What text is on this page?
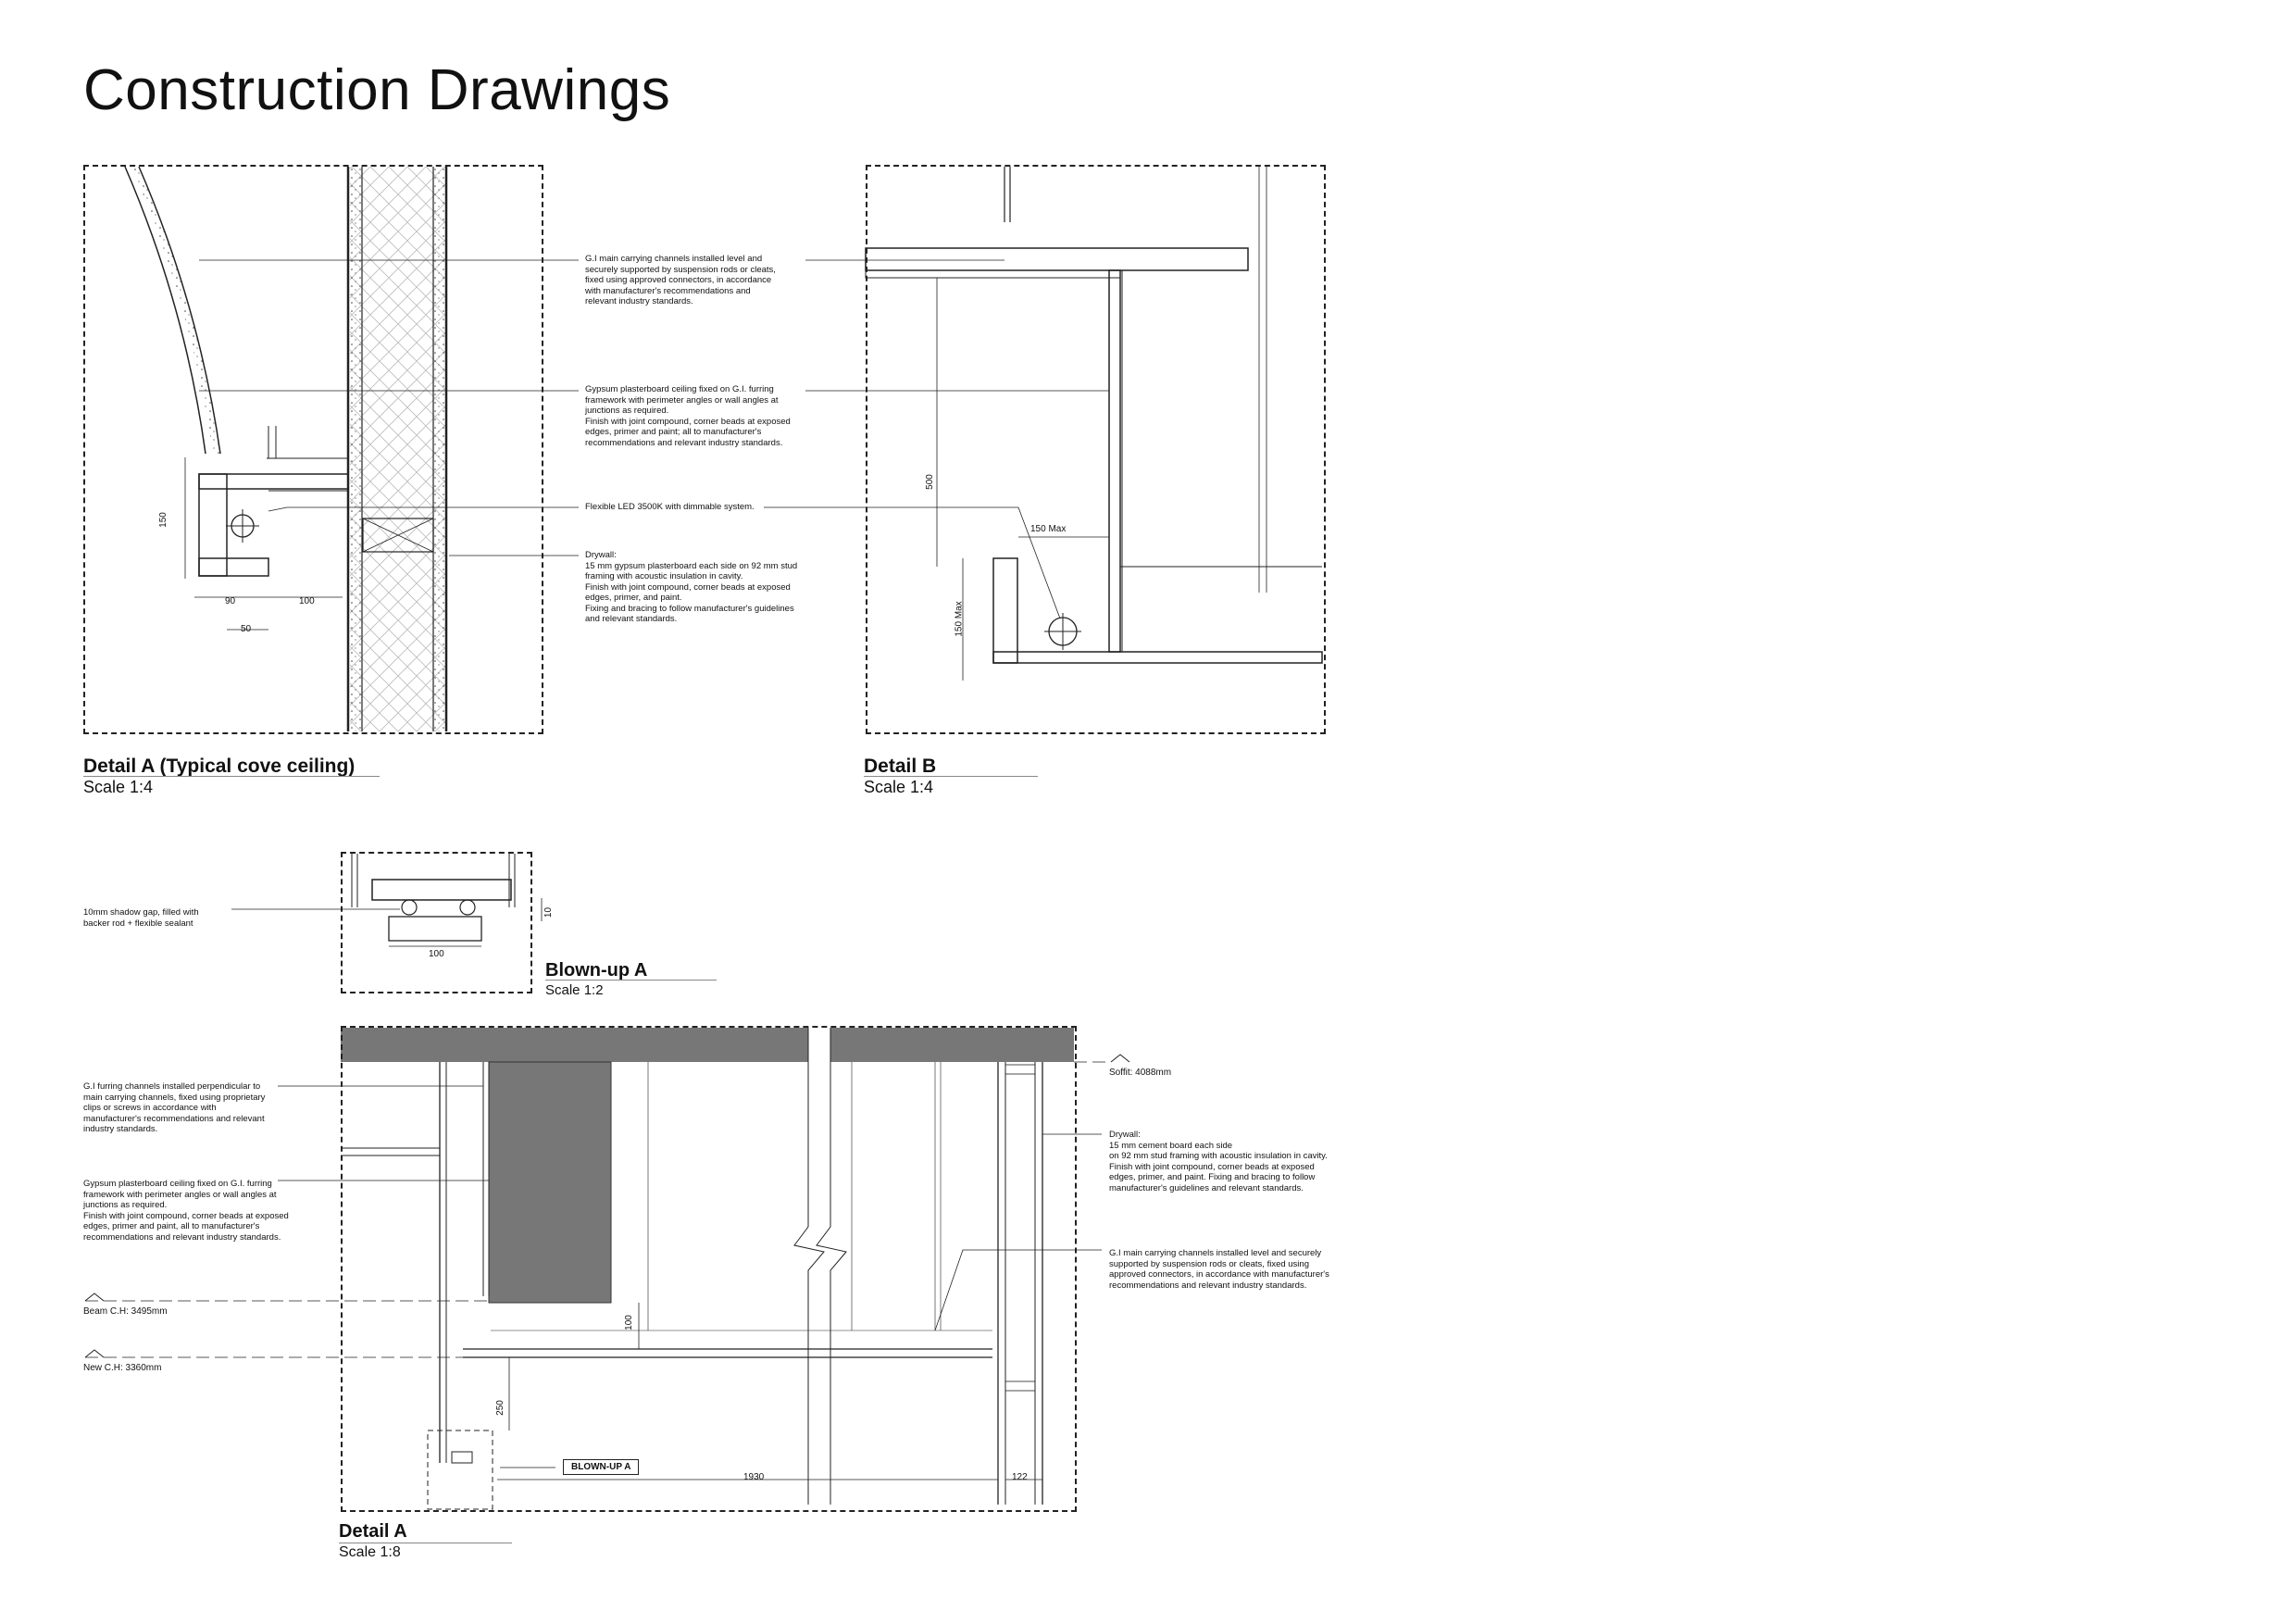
Construction Drawings
G.I main carrying channels installed level and
securely supported by suspension rods or cleats,
fixed using approved connectors, in accordance
with manufacturer's recommendations and
relevant industry standards.
Gypsum plasterboard ceiling fixed on G.I. furring
framework with perimeter angles or wall angles at
junctions as required.
Finish with joint compound, corner beads at exposed
edges, primer and paint; all to manufacturer's
recommendations and relevant industry standards.
Flexible LED 3500K with dimmable system.
Drywall:
15 mm gypsum plasterboard each side on 92 mm stud
framing with acoustic insulation in cavity.
Finish with joint compound, corner beads at exposed
edges, primer, and paint.
Fixing and bracing to follow manufacturer's guidelines
and relevant standards.
150
90	100
50
Detail A (Typical cove ceiling)
Scale 1:4
500
150 Max
150 Max
Detail B
Scale 1:4
10mm shadow gap, filled with
backer rod + flexible sealant
100
10
Blown-up A
Scale 1:2
G.I furring channels installed perpendicular to
main carrying channels, fixed using proprietary
clips or screws in accordance with
manufacturer's recommendations and relevant
industry standards.
Gypsum plasterboard ceiling fixed on G.I. furring
framework with perimeter angles or wall angles at
junctions as required.
Finish with joint compound, corner beads at exposed
edges, primer and paint, all to manufacturer's
recommendations and relevant industry standards.
Drywall:
15 mm cement board each side
on 92 mm stud framing with acoustic insulation in cavity.
Finish with joint compound, corner beads at exposed
edges, primer, and paint. Fixing and bracing to follow
manufacturer's guidelines and relevant standards.
G.I main carrying channels installed level and securely
supported by suspension rods or cleats, fixed using
approved connectors, in accordance with manufacturer's
recommendations and relevant industry standards.
Soffit: 4088mm
Beam C.H: 3495mm
New C.H: 3360mm
100
250
1930	122
BLOWN-UP A
Detail A
Scale 1:8
